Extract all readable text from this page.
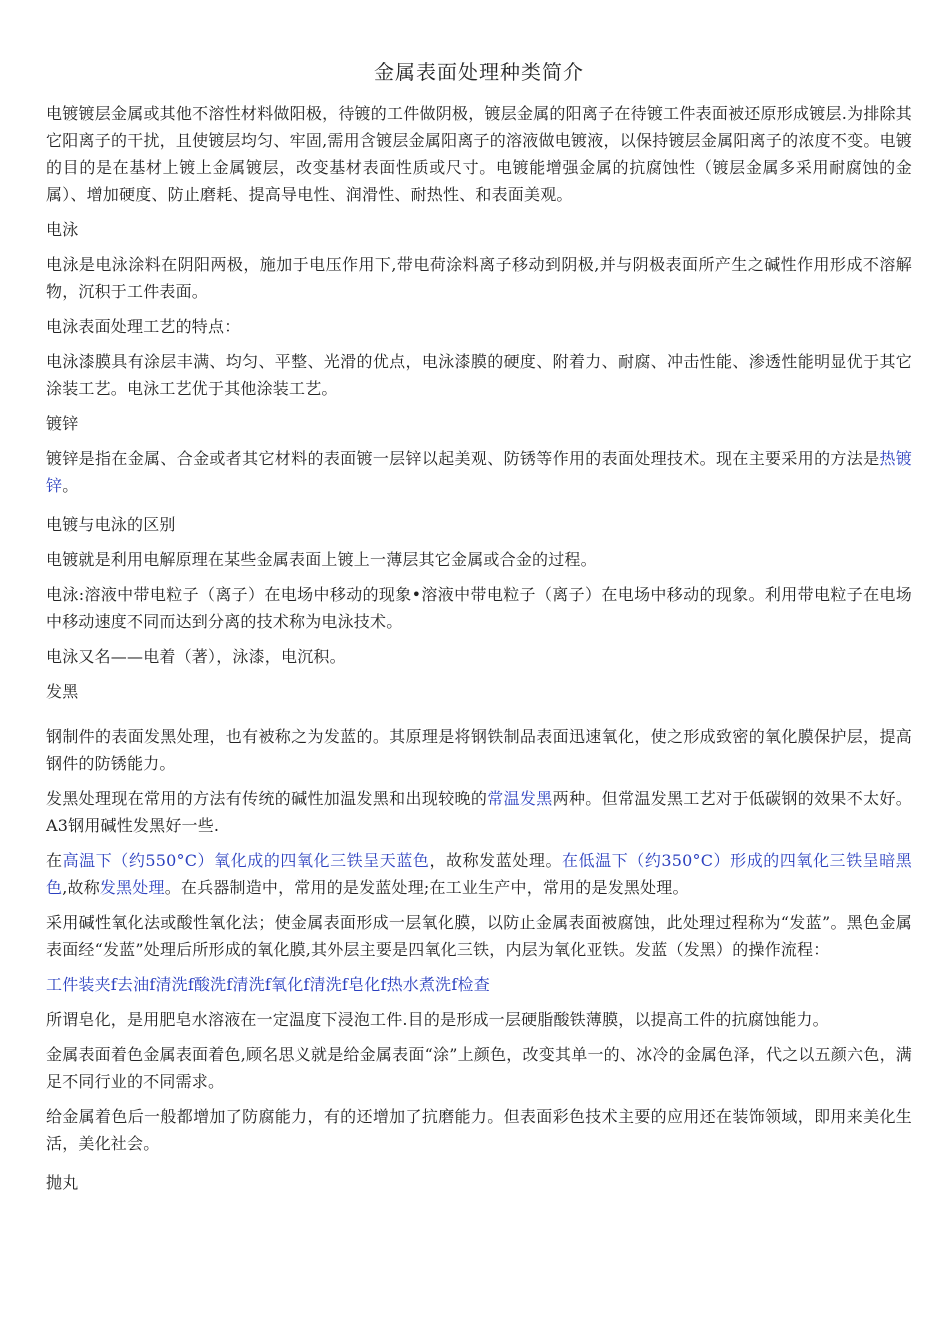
金属表面处理种类简介

电镀镀层金属或其他不溶性材料做阳极，待镀的工件做阴极，镀层金属的阳离子在待镀工件表面被还原形成镀层.为排除其它阳离子的干扰，且使镀层均匀、牢固,需用含镀层金属阳离子的溶液做电镀液，以保持镀层金属阳离子的浓度不变。电镀的目的是在基材上镀上金属镀层，改变基材表面性质或尺寸。电镀能增强金属的抗腐蚀性（镀层金属多采用耐腐蚀的金属）、增加硬度、防止磨耗、提高导电性、润滑性、耐热性、和表面美观。

电泳

电泳是电泳涂料在阴阳两极，施加于电压作用下,带电荷涂料离子移动到阴极,并与阴极表面所产生之碱性作用形成不溶解物，沉积于工件表面。

电泳表面处理工艺的特点：

电泳漆膜具有涂层丰满、均匀、平整、光滑的优点，电泳漆膜的硬度、附着力、耐腐、冲击性能、渗透性能明显优于其它涂装工艺。电泳工艺优于其他涂装工艺。

镀锌

镀锌是指在金属、合金或者其它材料的表面镀一层锌以起美观、防锈等作用的表面处理技术。现在主要采用的方法是热镀锌。

电镀与电泳的区别

电镀就是利用电解原理在某些金属表面上镀上一薄层其它金属或合金的过程。

电泳:溶液中带电粒子（离子）在电场中移动的现象•溶液中带电粒子（离子）在电场中移动的现象。利用带电粒子在电场中移动速度不同而达到分离的技术称为电泳技术。

电泳又名——电着（著），泳漆，电沉积。

发黑

钢制件的表面发黑处理，也有被称之为发蓝的。其原理是将钢铁制品表面迅速氧化，使之形成致密的氧化膜保护层，提高钢件的防锈能力。

发黑处理现在常用的方法有传统的碱性加温发黑和出现较晚的常温发黑两种。但常温发黑工艺对于低碳钢的效果不太好。A3钢用碱性发黑好一些.

在高温下（约550°C）氧化成的四氧化三铁呈天蓝色，故称发蓝处理。在低温下（约350°C）形成的四氧化三铁呈暗黑色,故称发黑处理。在兵器制造中，常用的是发蓝处理;在工业生产中，常用的是发黑处理。

采用碱性氧化法或酸性氧化法；使金属表面形成一层氧化膜，以防止金属表面被腐蚀，此处理过程称为“发蓝”。黑色金属表面经“发蓝”处理后所形成的氧化膜,其外层主要是四氧化三铁，内层为氧化亚铁。发蓝（发黑）的操作流程：

工件装夹f去油f清洗f酸洗f清洗f氧化f清洗f皂化f热水煮洗f检查

所谓皂化，是用肥皂水溶液在一定温度下浸泡工件.目的是形成一层硬脂酸铁薄膜，以提高工件的抗腐蚀能力。

金属表面着色金属表面着色,顾名思义就是给金属表面“涂”上颜色，改变其单一的、冰冷的金属色泽，代之以五颜六色，满足不同行业的不同需求。

给金属着色后一般都增加了防腐能力，有的还增加了抗磨能力。但表面彩色技术主要的应用还在装饰领域，即用来美化生活，美化社会。

抛丸
